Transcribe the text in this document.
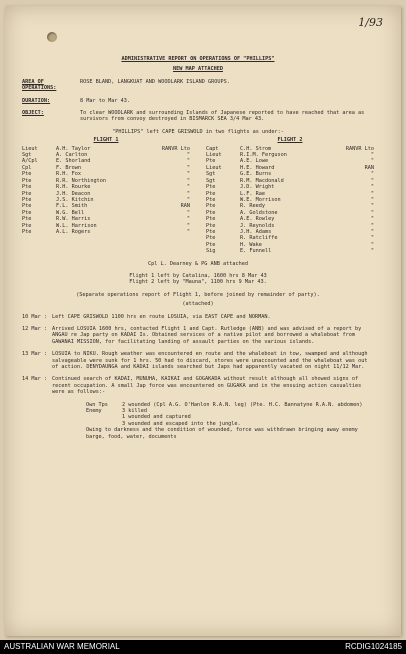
1/93
ADMINISTRATIVE REPORT ON OPERATIONS OF "PHILLIPS"
NEW MAP ATTACHED
AREA OF OPERATIONS:
ROSE BLAND, LANGKUAT AND WOODLARK ISLAND GROUPS.
DURATION:	8 Mar to Mar 43.
OBJECT:	To clear WOODLARK and surrounding Islands of Japanese reported to have reached that area as survivors from convoy destroyed in BISMARCK SEA 3/4 Mar 43.
"PHILLIPS" left CAPE GRISWOLD in two flights as under:-
FLIGHT 1
Lieut	A.H. Taylor	RANVR Lto
Sgt	A. Carlton	"
A/Cpl	E. Shorland	"
Cpl	F. Brown	"
Pte	R.H. Fox	"
Pte	R.R. Northington	"
Pte	R.H. Rourke	"
Pte	J.H. Deacon	"
Pte	J.S. Kitchin	"
Pte	F.L. Smith	RAN
Pte	W.G. Bell	"
Pte	R.W. Harris	"
Pte	W.L. Harrison	"
Pte	A.L. Rogers	"
FLIGHT 2
Capt	C.H. Strom	RANVR Lto
Lieut	R.I.M. Ferguson	"
Pte	A.E. Lowe	"
Lieut	H.E. Howard	RAN
Sgt	G.E. Burns	"
Sgt	R.M. Macdonald	"
Pte	J.D. Wright	"
Pte	L.F. Rae	"
Pte	W.E. Morrison	"
Pte	R. Reedy	"
Pte	A. Goldstone	"
Pte	A.E. Rowley	"
Pte	J. Reynolds	"
Pte	J.H. Adams	"
Pte	R. Ratcliffe	"
Pte	H. Wake	"
Sig	E. Funnell	"
Cpl L. Dearney & PG ANB attached
Flight 1 left by Catalina, 1600 hrs 8 Mar 43
Flight 2 left by "Mauna", 1100 hrs 9 Mar 43.
(Separate operations report of Flight 1, before joined by remainder of party).
(attached)
10 Mar : Left CAPE GRISWOLD 1100 hrs en route LOSUIA, via EAST CAPE and NORMAN.
12 Mar : Arrived LOSUIA 1600 hrs, contacted Flight 1 and Capt. Rutledge (ANB) and was advised of a report by ANGAU re Jap party on KADAI Is. Obtained services of a native pilot and borrowed a whaleboat from GAWANAI MISSION, for facilitating landing of assault parties on the various islands.
13 Mar : LOSUIA to NIKU. Rough weather was encountered en route and the whaleboat in tow, swamped and although salvageable were sunk for 1 hrs. 50 had to discard, stores were unaccounted and the whaleboat was out of action. DENYDAUNGA and KADAI islands searched but Japs had apparently vacated on night 11/12 Mar.
14 Mar : Continued search of KADAI, MUNUHA, KAIKAI and GOGAKADA without result although all showed signs of recent occupation. A small Jap force was encountered on GUGAKA and in the ensuing action casualties were as follows:-
Own Tps	2 wounded (Cpl A.G. O'Hanlon R.A.N. leg) (Pte. H.C. Bannatyne R.A.N. abdomen)
Enemy	3 killed
1 wounded and captured
3 wounded and escaped into the jungle.
Owing to darkness and the condition of wounded, force was withdrawn bringing away enemy barge, food, water, documents
AUSTRALIAN WAR MEMORIAL	RCDIG1024185
